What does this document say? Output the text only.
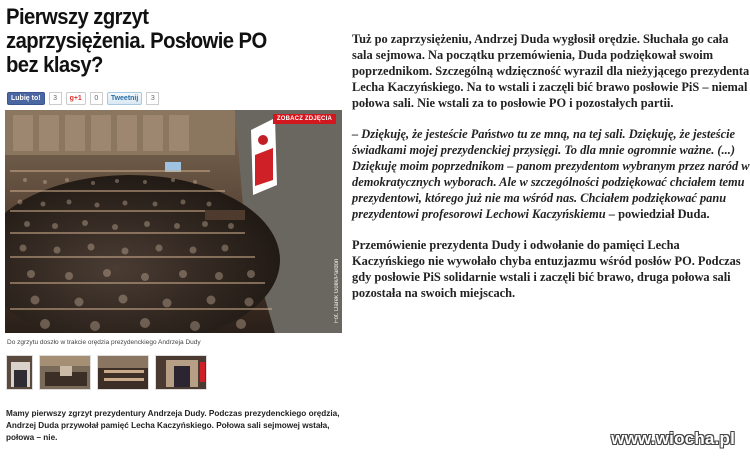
Pierwszy zgrzyt
zaprzysiężenia. Posłowie PO
bez klasy?
Lubię to!	3	g+1	0	Tweetnij	3
ZOBACZ ZDJĘCIA
Fot. Darek Golik/Pardon

Do zgrzytu doszło w trakcie orędzia prezydenckiego Andrzeja Dudy

Mamy pierwszy zgrzyt prezydentury Andrzeja Dudy. Podczas prezydenckiego orędzia, Andrzej Duda przywołał pamięć Lecha Kaczyńskiego. Połowa sali sejmowej wstała, połowa – nie.

Tuż po zaprzysiężeniu, Andrzej Duda wygłosił orędzie. Słuchała go cała sala sejmowa. Na początku przemówienia, Duda podziękował swoim poprzednikom. Szczególną wdzięczność wyrazil dla nieżyjącego prezydenta Lecha Kaczyńskiego. Na to wstali i zaczęli bić brawo posłowie PiS – niemal połowa sali. Nie wstali za to posłowie PO i pozostałych partii.

– Dziękuję, że jesteście Państwo tu ze mną, na tej sali. Dziękuję, że jesteście świadkami mojej prezydenckiej przysięgi. To dla mnie ogromnie ważne. (...) Dziękuję moim poprzednikom – panom prezydentom wybranym przez naród w demokratycznych wyborach. Ale w szczególności podziękować chciałem temu prezydentowi, którego już nie ma wśród nas. Chciałem podziękować panu prezydentowi profesorowi Lechowi Kaczyńskiemu – powiedział Duda.

Przemówienie prezydenta Dudy i odwołanie do pamięci Lecha Kaczyńskiego nie wywołało chyba entuzjazmu wśród posłów PO. Podczas gdy posłowie PiS solidarnie wstali i zaczęli bić brawo, druga połowa sali pozostała na swoich miejscach.

www.wiocha.pl
